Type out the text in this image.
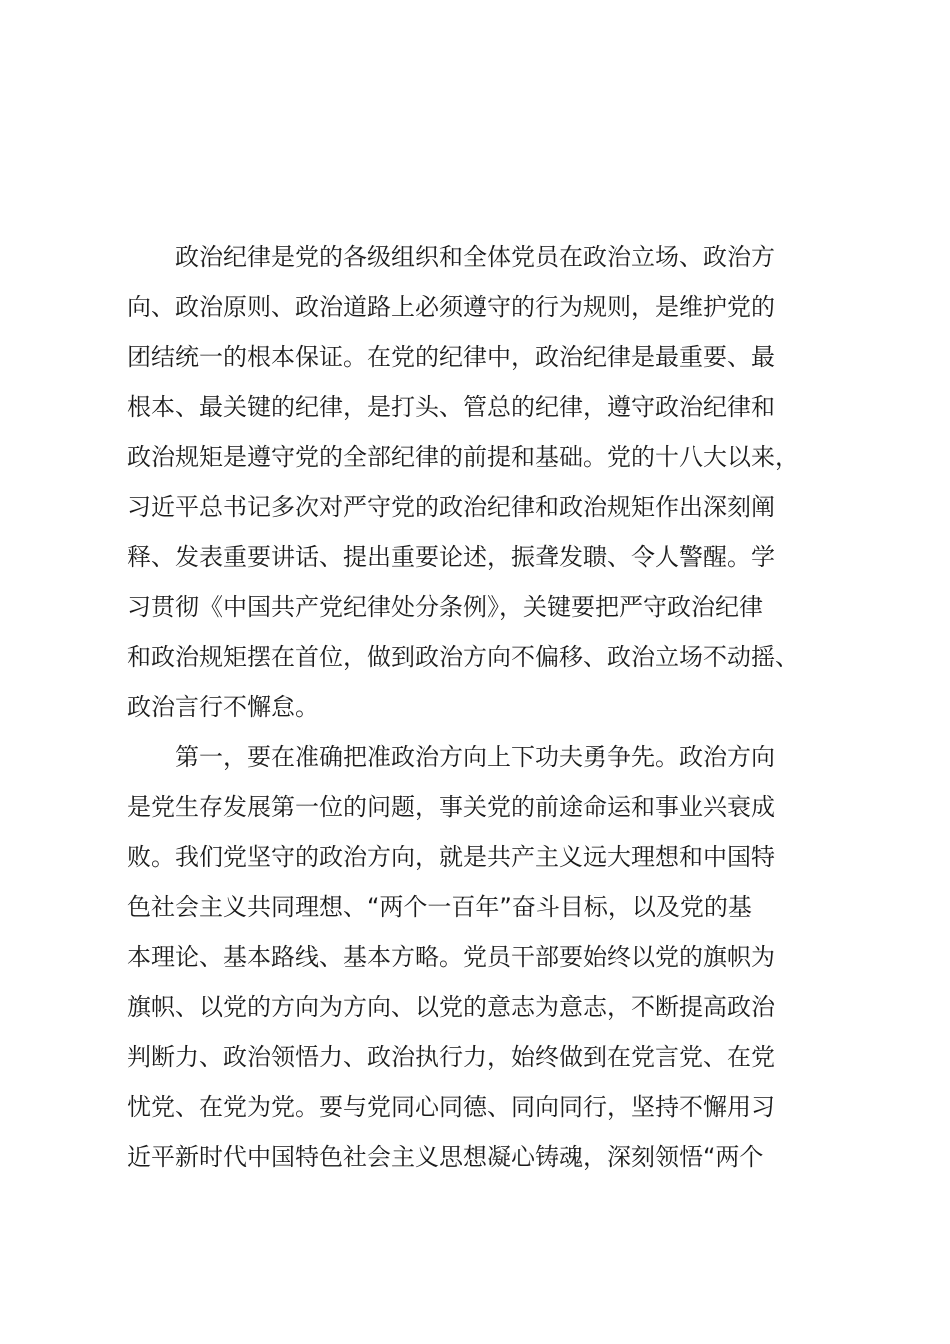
政治纪律是党的各级组织和全体党员在政治立场、政治方
向、政治原则、政治道路上必须遵守的行为规则，是维护党的
团结统一的根本保证。在党的纪律中，政治纪律是最重要、最
根本、最关键的纪律，是打头、管总的纪律，遵守政治纪律和
政治规矩是遵守党的全部纪律的前提和基础。党的十八大以来，
习近平总书记多次对严守党的政治纪律和政治规矩作出深刻阐
释、发表重要讲话、提出重要论述，振聋发聩、令人警醒。学
习贯彻《中国共产党纪律处分条例》，关键要把严守政治纪律
和政治规矩摆在首位，做到政治方向不偏移、政治立场不动摇、
政治言行不懈怠。
第一，要在准确把准政治方向上下功夫勇争先。政治方向
是党生存发展第一位的问题，事关党的前途命运和事业兴衰成
败。我们党坚守的政治方向，就是共产主义远大理想和中国特
色社会主义共同理想、“两个一百年”奋斗目标，以及党的基
本理论、基本路线、基本方略。党员干部要始终以党的旗帜为
旗帜、以党的方向为方向、以党的意志为意志，不断提高政治
判断力、政治领悟力、政治执行力，始终做到在党言党、在党
忧党、在党为党。要与党同心同德、同向同行，坚持不懈用习
近平新时代中国特色社会主义思想凝心铸魂，深刻领悟“两个
